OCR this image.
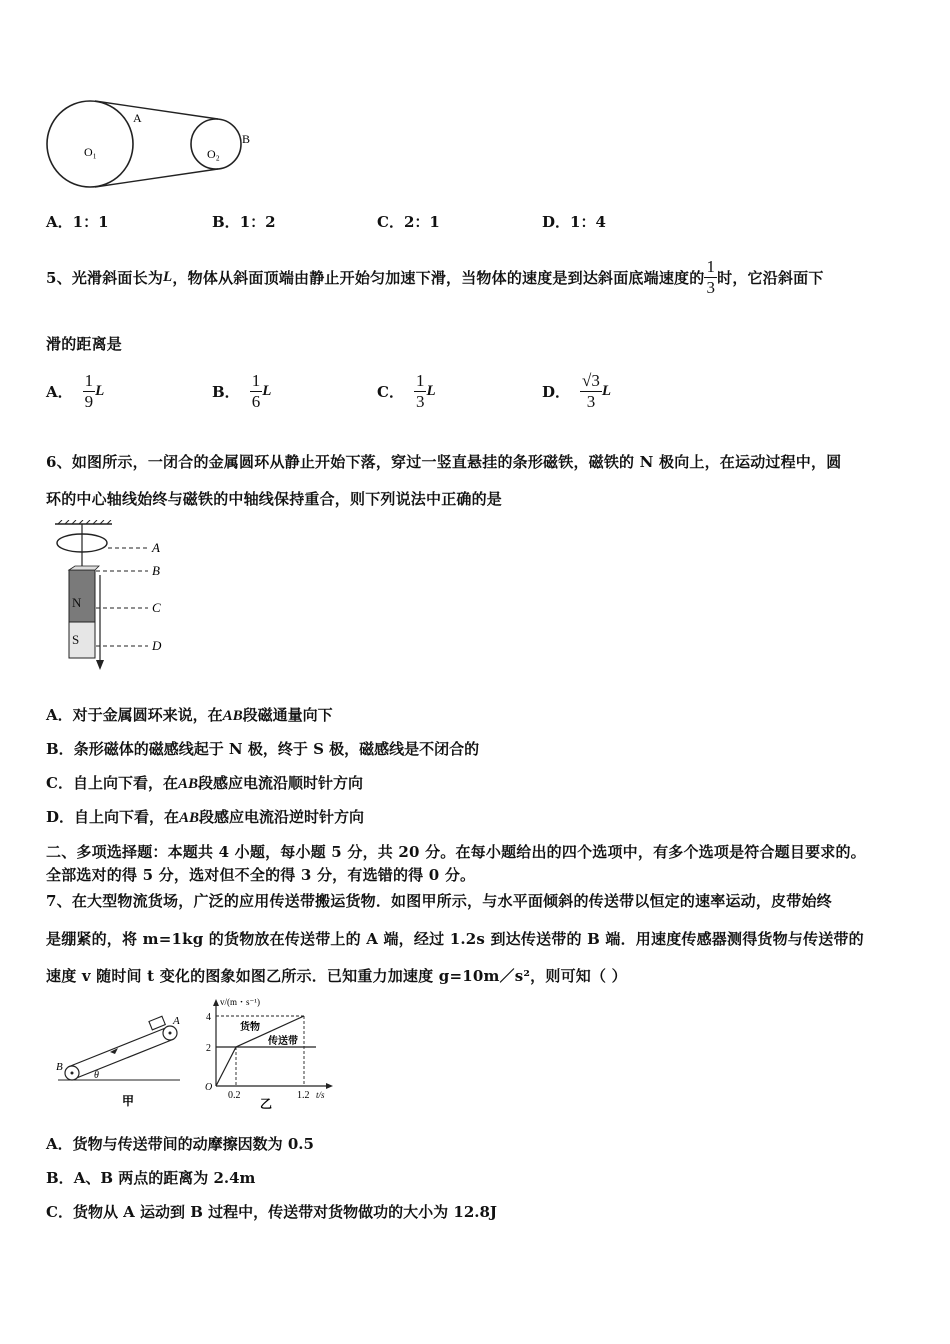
A
B
O₁	O₂
A．1：1	B．1：2	C．2：1	D．1：4
5、光滑斜面长为 L ，物体从斜面顶端由静止开始匀加速下滑，当物体的速度是到达斜面底端速度的 $\frac{1}{3}$ 时，它沿斜面下
滑的距离是
A． $\frac{1}{9}$ L	B． $\frac{1}{6}$ L	C． $\frac{1}{3}$ L	D． $\frac{√3}{3}$ L
6、如图所示，一闭合的金属圆环从静止开始下落，穿过一竖直悬挂的条形磁铁，磁铁的 N 极向上，在运动过程中，圆
环的中心轴线始终与磁铁的中轴线保持重合，则下列说法中正确的是
N
S
A
B
C
D
A．对于金属圆环来说，在AB段磁通量向下
B．条形磁体的磁感线起于 N 极，终于 S 极，磁感线是不闭合的
C．自上向下看，在AB段感应电流沿顺时针方向
D．自上向下看，在AB段感应电流沿逆时针方向
二、多项选择题：本题共 4 小题，每小题 5 分，共 20 分。在每小题给出的四个选项中，有多个选项是符合题目要求的。
全部选对的得 5 分，选对但不全的得 3 分，有选错的得 0 分。
7、在大型物流货场，广泛的应用传送带搬运货物．如图甲所示，与水平面倾斜的传送带以恒定的速率运动，皮带始终
是绷紧的，将 m=1kg 的货物放在传送带上的 A 端，经过 1.2s 到达传送带的 B 端．用速度传感器测得货物与传送带的
速度 v 随时间 t 变化的图象如图乙所示．已知重力加速度 g=10m／s²，则可知（ ）
A
B
θ
甲
v/(m・s⁻¹)
4
2
O
0.2	1.2 t/s
货物
传送带
乙
A．货物与传送带间的动摩擦因数为 0.5
B．A、B 两点的距离为 2.4m
C．货物从 A 运动到 B 过程中，传送带对货物做功的大小为 12.8J
